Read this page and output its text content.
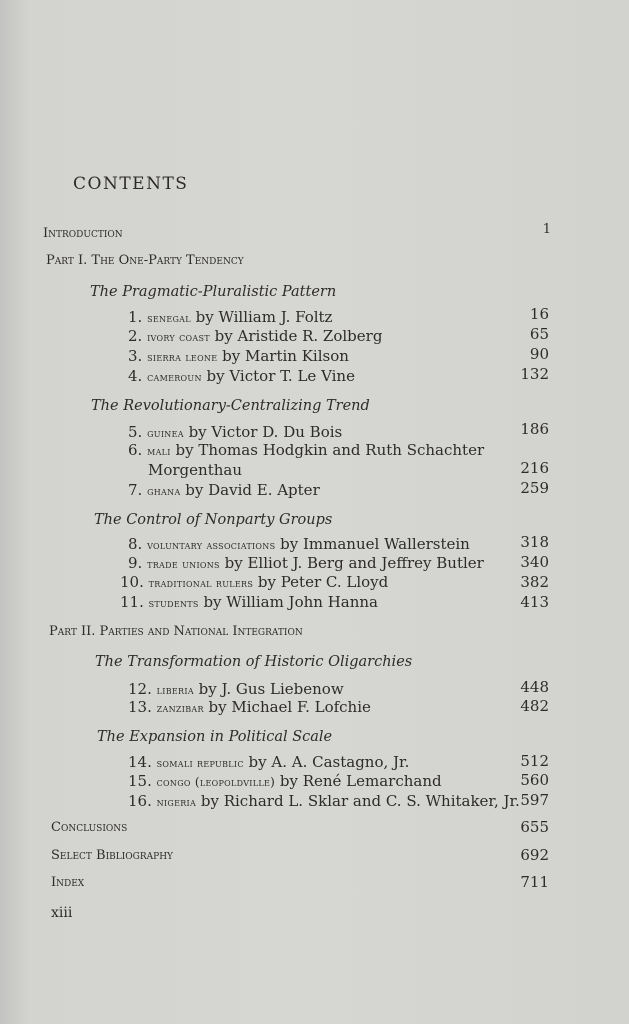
CONTENTS
Introduction	1
Part I. The One-Party Tendency
The Pragmatic-Pluralistic Pattern
1. senegal by William J. Foltz	16
2. ivory coast by Aristide R. Zolberg	65
3. sierra leone by Martin Kilson	90
4. cameroun by Victor T. Le Vine	132
The Revolutionary-Centralizing Trend
5. guinea by Victor D. Du Bois	186
6. mali by Thomas Hodgkin and Ruth Schachter
Morgenthau	216
7. ghana by David E. Apter	259
The Control of Nonparty Groups
8. voluntary associations by Immanuel Wallerstein	318
9. trade unions by Elliot J. Berg and Jeffrey Butler 340
10. traditional rulers by Peter C. Lloyd	382
11. students by William John Hanna	413
Part II. Parties and National Integration
The Transformation of Historic Oligarchies
12. liberia by J. Gus Liebenow	448
13. zanzibar by Michael F. Lofchie	482
The Expansion in Political Scale
14. somali republic by A. A. Castagno, Jr.	512
15. congo (leopoldville) by René Lemarchand	560
16. nigeria by Richard L. Sklar and C. S. Whitaker, Jr. 597
Conclusions	655
Select Bibliography	692
Index	711
xiii
